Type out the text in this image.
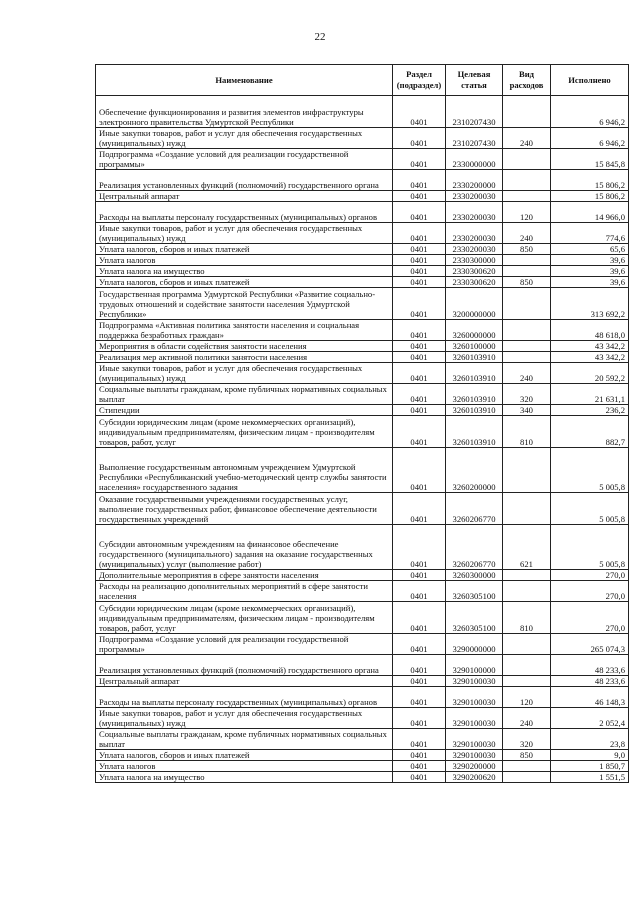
22
Наименование	Раздел (подраздел)	Целевая статья	Вид расходов	Исполнено
Обеспечение функционирования и развития элементов инфраструктуры электронного правительства Удмуртской Республики	0401	2310207430		6 946,2
Иные закупки товаров, работ и услуг для обеспечения государственных (муниципальных) нужд	0401	2310207430	240	6 946,2
Подпрограмма «Создание условий для реализации государственной программы»	0401	2330000000		15 845,8
Реализация установленных функций (полномочий) государственного органа	0401	2330200000		15 806,2
Центральный аппарат	0401	2330200030		15 806,2
Расходы на выплаты персоналу государственных (муниципальных) органов	0401	2330200030	120	14 966,0
Иные закупки товаров, работ и услуг для обеспечения государственных (муниципальных) нужд	0401	2330200030	240	774,6
Уплата налогов, сборов и иных платежей	0401	2330200030	850	65,6
Уплата налогов	0401	2330300000		39,6
Уплата налога на имущество	0401	2330300620		39,6
Уплата налогов, сборов и иных платежей	0401	2330300620	850	39,6
Государственная программа Удмуртской Республики «Развитие социально-трудовых отношений и содействие занятости населения Удмуртской Республики»	0401	3200000000		313 692,2
Подпрограмма «Активная политика занятости населения и социальная поддержка безработных граждан»	0401	3260000000		48 618,0
Мероприятия в области содействия занятости населения	0401	3260100000		43 342,2
Реализация мер активной политики занятости населения	0401	3260103910		43 342,2
Иные закупки товаров, работ и услуг для обеспечения государственных (муниципальных) нужд	0401	3260103910	240	20 592,2
Социальные выплаты гражданам, кроме публичных нормативных социальных выплат	0401	3260103910	320	21 631,1
Стипендии	0401	3260103910	340	236,2
Субсидии юридическим лицам (кроме некоммерческих организаций), индивидуальным предпринимателям, физическим лицам - производителям товаров, работ, услуг	0401	3260103910	810	882,7
Выполнение государственным автономным учреждением Удмуртской Республики «Республиканский учебно-методический центр службы занятости населения» государственного задания	0401	3260200000		5 005,8
Оказание государственными учреждениями государственных услуг, выполнение государственных работ, финансовое обеспечение деятельности государственных учреждений	0401	3260206770		5 005,8
Субсидии автономным учреждениям на финансовое обеспечение государственного (муниципального) задания на оказание государственных (муниципальных) услуг (выполнение работ)	0401	3260206770	621	5 005,8
Дополнительные мероприятия в сфере занятости населения	0401	3260300000		270,0
Расходы на реализацию дополнительных мероприятий в сфере занятости населения	0401	3260305100		270,0
Субсидии юридическим лицам (кроме некоммерческих организаций), индивидуальным предпринимателям, физическим лицам - производителям товаров, работ, услуг	0401	3260305100	810	270,0
Подпрограмма «Создание условий для реализации государственной программы»	0401	3290000000		265 074,3
Реализация установленных функций (полномочий) государственного органа	0401	3290100000		48 233,6
Центральный аппарат	0401	3290100030		48 233,6
Расходы на выплаты персоналу государственных (муниципальных) органов	0401	3290100030	120	46 148,3
Иные закупки товаров, работ и услуг для обеспечения государственных (муниципальных) нужд	0401	3290100030	240	2 052,4
Социальные выплаты гражданам, кроме публичных нормативных социальных выплат	0401	3290100030	320	23,8
Уплата налогов, сборов и иных платежей	0401	3290100030	850	9,0
Уплата налогов	0401	3290200000		1 850,7
Уплата налога на имущество	0401	3290200620		1 551,5
